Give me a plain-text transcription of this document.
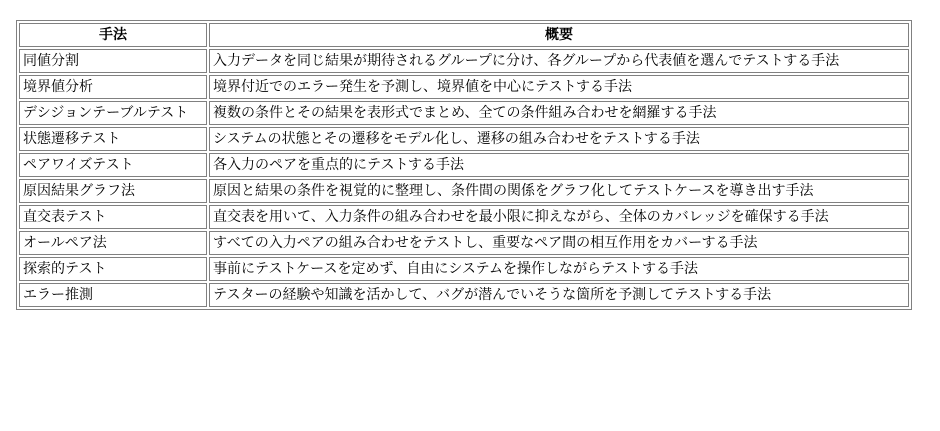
手法	概要
同値分割	入力データを同じ結果が期待されるグループに分け、各グループから代表値を選んでテストする手法
境界値分析	境界付近でのエラー発生を予測し、境界値を中心にテストする手法
デシジョンテーブルテスト	複数の条件とその結果を表形式でまとめ、全ての条件組み合わせを網羅する手法
状態遷移テスト	システムの状態とその遷移をモデル化し、遷移の組み合わせをテストする手法
ペアワイズテスト	各入力のペアを重点的にテストする手法
原因結果グラフ法	原因と結果の条件を視覚的に整理し、条件間の関係をグラフ化してテストケースを導き出す手法
直交表テスト	直交表を用いて、入力条件の組み合わせを最小限に抑えながら、全体のカバレッジを確保する手法
オールペア法	すべての入力ペアの組み合わせをテストし、重要なペア間の相互作用をカバーする手法
探索的テスト	事前にテストケースを定めず、自由にシステムを操作しながらテストする手法
エラー推測	テスターの経験や知識を活かして、バグが潜んでいそうな箇所を予測してテストする手法
